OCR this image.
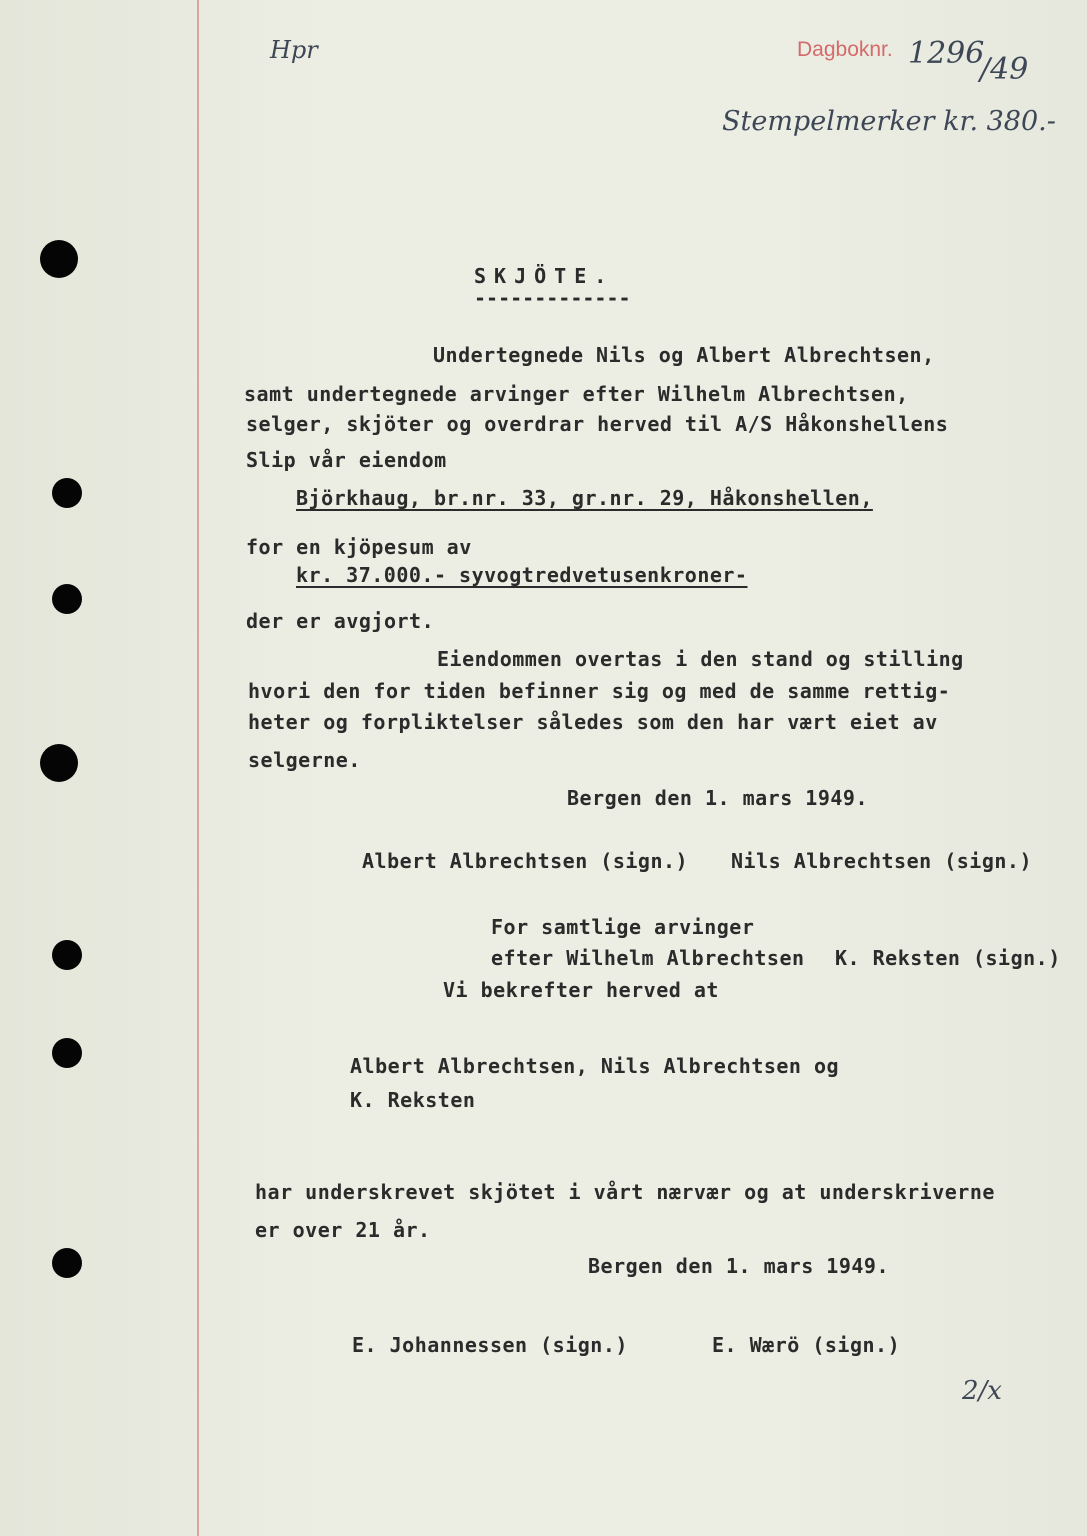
Hpr	Dagboknr. 1296
/49
Stempelmerker kr. 380.-
SKJÖTE.
-------------
Undertegnede Nils og Albert Albrechtsen,
samt undertegnede arvinger efter Wilhelm Albrechtsen,
selger, skjöter og overdrar herved til A/S Håkonshellens
Slip vår eiendom
Björkhaug, br.nr. 33, gr.nr. 29, Håkonshellen,
for en kjöpesum av
kr. 37.000.- syvogtredvetusenkroner-
der er avgjort.
Eiendommen overtas i den stand og stilling
hvori den for tiden befinner sig og med de samme rettig-
heter og forpliktelser således som den har vært eiet av
selgerne.
Bergen den 1. mars 1949.
Albert Albrechtsen (sign.) Nils Albrechtsen (sign.)
For samtlige arvinger
efter Wilhelm Albrechtsen K. Reksten (sign.)
Vi bekrefter herved at
Albert Albrechtsen, Nils Albrechtsen og
K. Reksten
har underskrevet skjötet i vårt nærvær og at underskriverne
er over 21 år.
Bergen den 1. mars 1949.
E. Johannessen (sign.)	E. Wærö (sign.)
2/x
